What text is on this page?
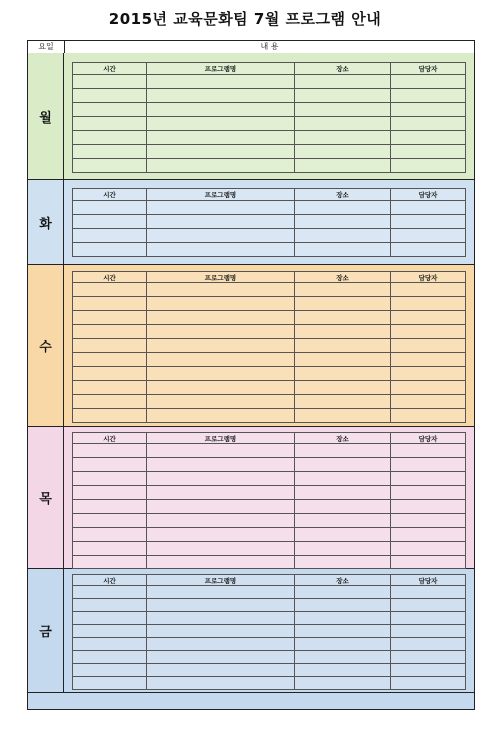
2015년 교육문화팀 7월 프로그램 안내
요일	내 용
월
시간	프로그램명	장소	담당자

화
시간	프로그램명	장소	담당자

수
시간	프로그램명	장소	담당자

목
시간	프로그램명	장소	담당자

금
시간	프로그램명	장소	담당자
